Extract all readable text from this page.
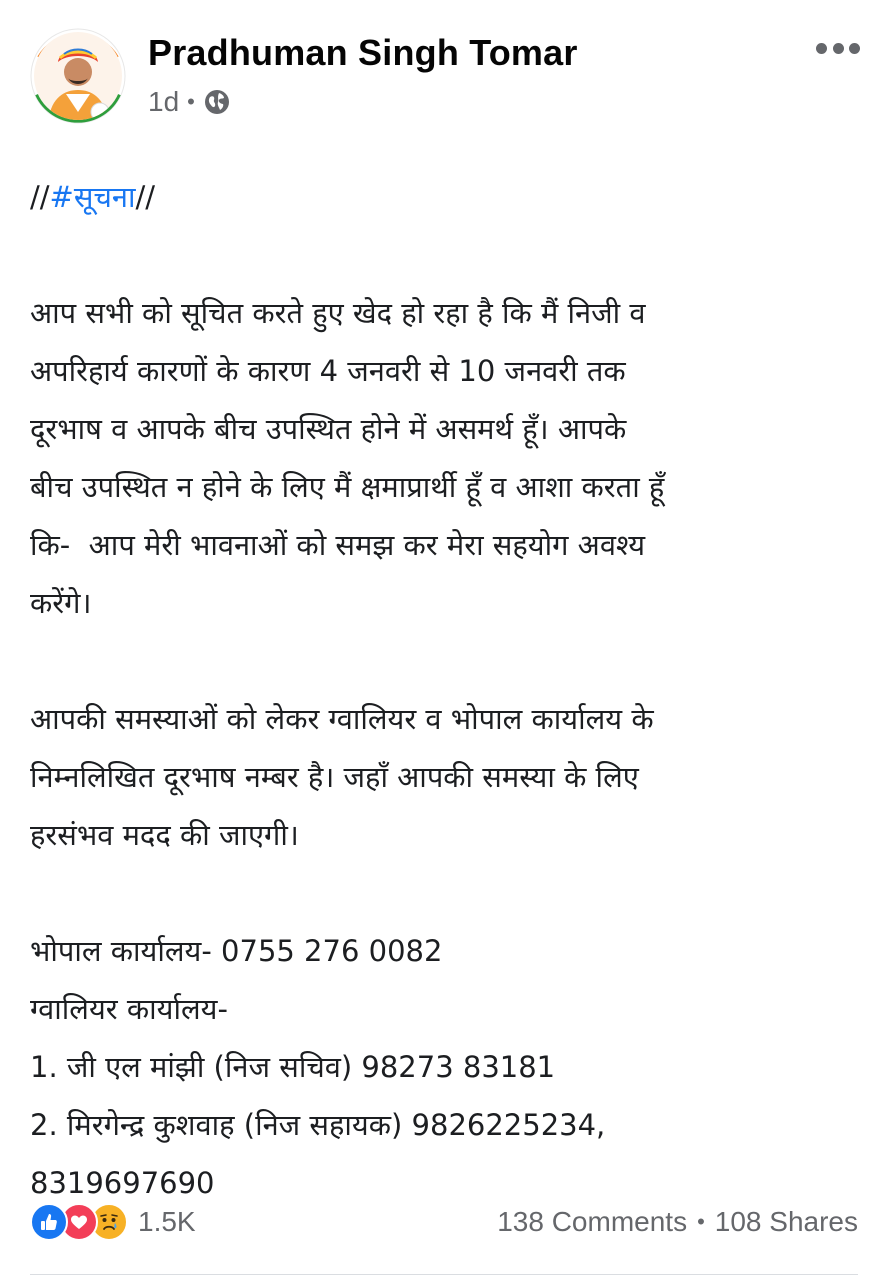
Pradhuman Singh Tomar
1d •

//#सूचना//

आप सभी को सूचित करते हुए खेद हो रहा है कि मैं निजी व
अपरिहार्य कारणों के कारण 4 जनवरी से 10 जनवरी तक
दूरभाष व आपके बीच उपस्थित होने में असमर्थ हूँ। आपके
बीच उपस्थित न होने के लिए मैं क्षमाप्रार्थी हूँ व आशा करता हूँ
कि-  आप मेरी भावनाओं को समझ कर मेरा सहयोग अवश्य
करेंगे।

आपकी समस्याओं को लेकर ग्वालियर व भोपाल कार्यालय के
निम्नलिखित दूरभाष नम्बर है। जहाँ आपकी समस्या के लिए
हरसंभव मदद की जाएगी।

भोपाल कार्यालय- 0755 276 0082

ग्वालियर कार्यालय-

1. जी एल मांझी (निज सचिव) 98273 83181

2. मिरगेन्द्र कुशवाह (निज सहायक) 9826225234,

8319697690

1.5K	138 Comments • 108 Shares
